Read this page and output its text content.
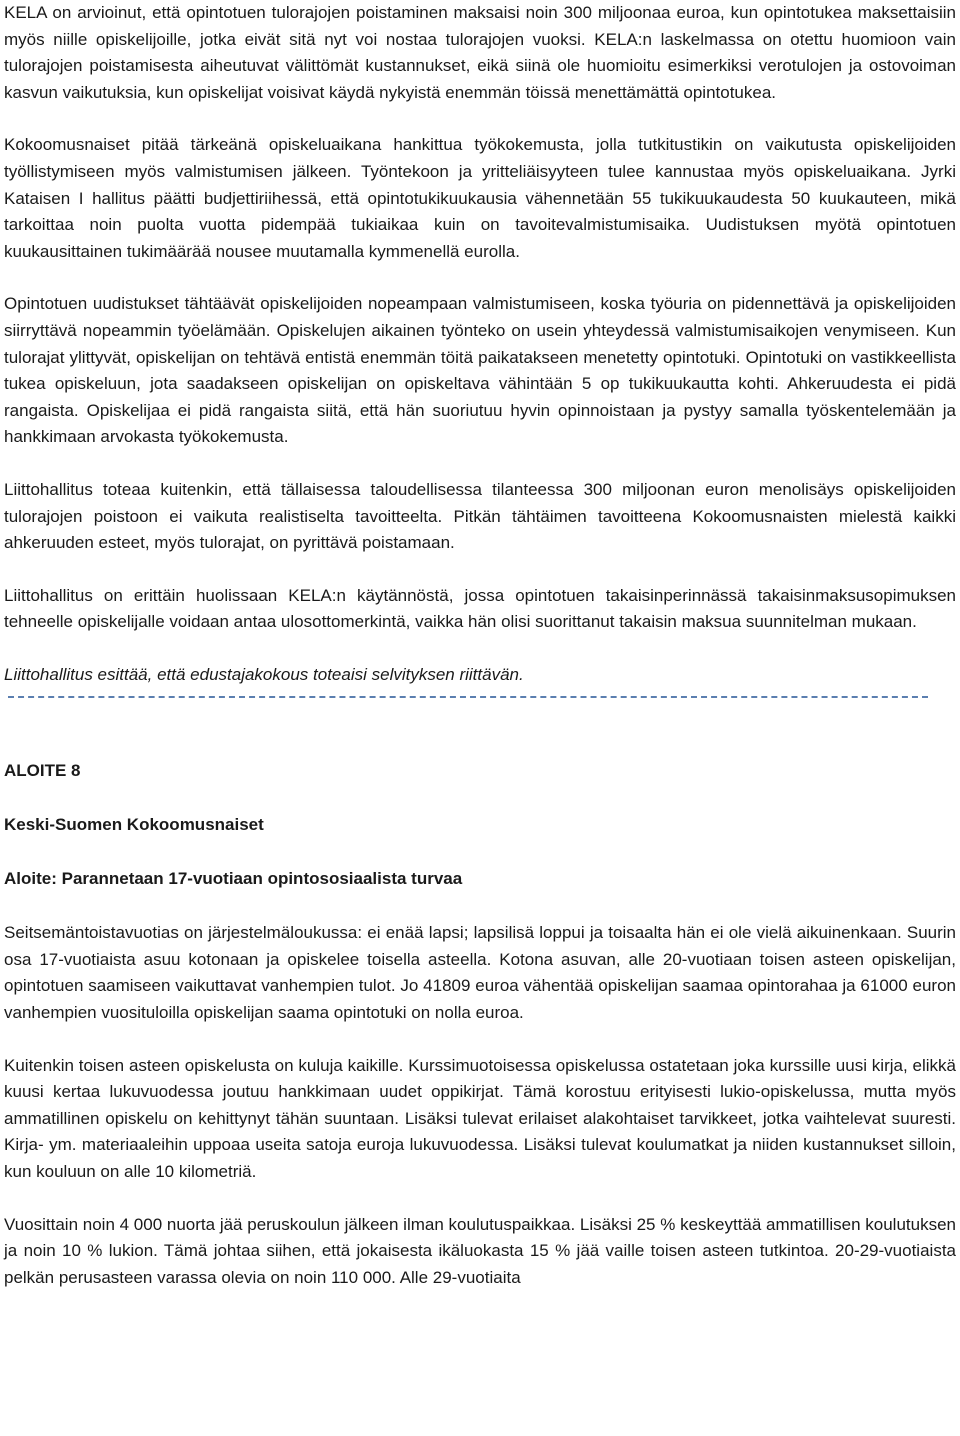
KELA on arvioinut, että opintotuen tulorajojen poistaminen maksaisi noin 300 miljoonaa euroa, kun opintotukea maksettaisiin myös niille opiskelijoille, jotka eivät sitä nyt voi nostaa tulorajojen vuoksi. KELA:n laskelmassa on otettu huomioon vain tulorajojen poistamisesta aiheutuvat välittömät kustannukset, eikä siinä ole huomioitu esimerkiksi verotulojen ja ostovoiman kasvun vaikutuksia, kun opiskelijat voisivat käydä nykyistä enemmän töissä menettämättä opintotukea.

Kokoomusnaiset pitää tärkeänä opiskeluaikana hankittua työkokemusta, jolla tutkitustikin on vaikutusta opiskelijoiden työllistymiseen myös valmistumisen jälkeen. Työntekoon ja yritteliäisyyteen tulee kannustaa myös opiskeluaikana. Jyrki Kataisen I hallitus päätti budjettiriihessä, että opintotukikuukausia vähennetään 55 tukikuukaudesta 50 kuukauteen, mikä tarkoittaa noin puolta vuotta pidempää tukiaikaa kuin on tavoitevalmistumisaika. Uudistuksen myötä opintotuen kuukausittainen tukimäärää nousee muutamalla kymmenellä eurolla.

Opintotuen uudistukset tähtäävät opiskelijoiden nopeampaan valmistumiseen, koska työuria on pidennettävä ja opiskelijoiden siirryttävä nopeammin työelämään. Opiskelujen aikainen työnteko on usein yhteydessä valmistumisaikojen venymiseen. Kun tulorajat ylittyvät, opiskelijan on tehtävä entistä enemmän töitä paikatakseen menetetty opintotuki. Opintotuki on vastikkeellista tukea opiskeluun, jota saadakseen opiskelijan on opiskeltava vähintään 5 op tukikuukautta kohti. Ahkeruudesta ei pidä rangaista. Opiskelijaa ei pidä rangaista siitä, että hän suoriutuu hyvin opinnoistaan ja pystyy samalla työskentelemään ja hankkimaan arvokasta työkokemusta.

Liittohallitus toteaa kuitenkin, että tällaisessa taloudellisessa tilanteessa 300 miljoonan euron menolisäys opiskelijoiden tulorajojen poistoon ei vaikuta realistiselta tavoitteelta. Pitkän tähtäimen tavoitteena Kokoomusnaisten mielestä kaikki ahkeruuden esteet, myös tulorajat, on pyrittävä poistamaan.

Liittohallitus on erittäin huolissaan KELA:n käytännöstä, jossa opintotuen takaisinperinnässä takaisinmaksusopimuksen tehneelle opiskelijalle voidaan antaa ulosottomerkintä, vaikka hän olisi suorittanut takaisin maksua suunnitelman mukaan.

Liittohallitus esittää, että edustajakokous toteaisi selvityksen riittävän.

ALOITE 8

Keski-Suomen Kokoomusnaiset

Aloite: Parannetaan 17-vuotiaan opintososiaalista turvaa

Seitsemäntoistavuotias on järjestelmäloukussa: ei enää lapsi; lapsilisä loppui ja toisaalta hän ei ole vielä aikuinenkaan. Suurin osa 17-vuotiaista asuu kotonaan ja opiskelee toisella asteella. Kotona asuvan, alle 20-vuotiaan toisen asteen opiskelijan, opintotuen saamiseen vaikuttavat vanhempien tulot. Jo 41809 euroa vähentää opiskelijan saamaa opintorahaa ja 61000 euron vanhempien vuosituloilla opiskelijan saama opintotuki on nolla euroa.

Kuitenkin toisen asteen opiskelusta on kuluja kaikille. Kurssimuotoisessa opiskelussa ostatetaan joka kurssille uusi kirja, elikkä kuusi kertaa lukuvuodessa joutuu hankkimaan uudet oppikirjat. Tämä korostuu erityisesti lukio-opiskelussa, mutta myös ammatillinen opiskelu on kehittynyt tähän suuntaan. Lisäksi tulevat erilaiset alakohtaiset tarvikkeet, jotka vaihtelevat suuresti. Kirja- ym. materiaaleihin uppoaa useita satoja euroja lukuvuodessa. Lisäksi tulevat koulumatkat ja niiden kustannukset silloin, kun kouluun on alle 10 kilometriä.

Vuosittain noin 4 000 nuorta jää peruskoulun jälkeen ilman koulutuspaikkaa. Lisäksi 25 % keskeyttää ammatillisen koulutuksen ja noin 10 % lukion. Tämä johtaa siihen, että jokaisesta ikäluokasta 15 % jää vaille toisen asteen tutkintoa. 20-29-vuotiaista pelkän perusasteen varassa olevia on noin 110 000. Alle 29-vuotiaita
